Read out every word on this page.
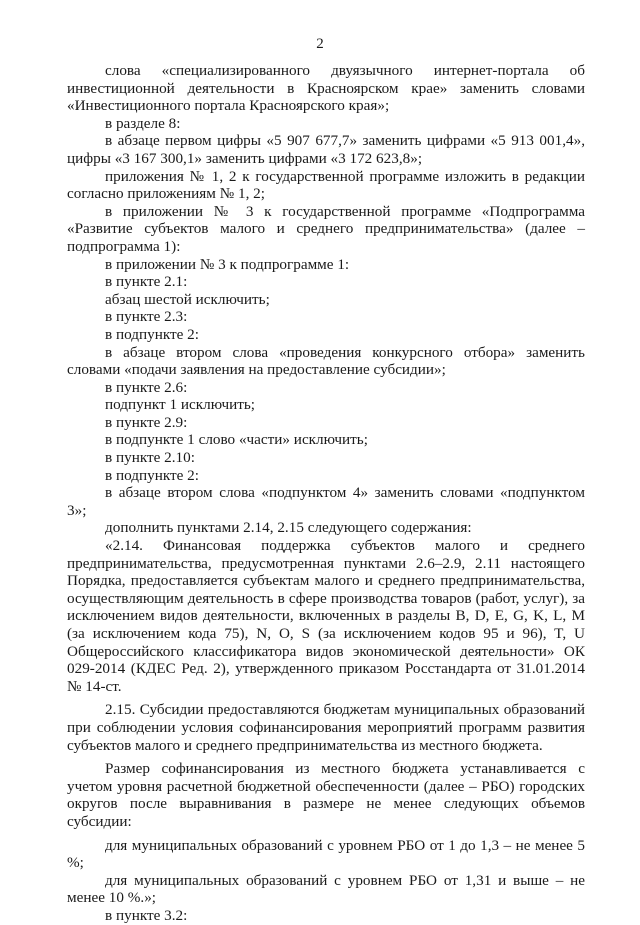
2

слова «специализированного двуязычного интернет-портала об инвестиционной деятельности в Красноярском крае» заменить словами «Инвестиционного портала Красноярского края»;

в разделе 8:

в абзаце первом цифры «5 907 677,7» заменить цифрами «5 913 001,4», цифры «3 167 300,1» заменить цифрами «3 172 623,8»;

приложения № 1, 2 к государственной программе изложить в редакции согласно приложениям № 1, 2;

в приложении № 3 к государственной программе «Подпрограмма «Развитие субъектов малого и среднего предпринимательства» (далее – подпрограмма 1):

в приложении № 3 к подпрограмме 1:

в пункте 2.1:

абзац шестой исключить;

в пункте 2.3:

в подпункте 2:

в абзаце втором слова «проведения конкурсного отбора» заменить словами «подачи заявления на предоставление субсидии»;

в пункте 2.6:

подпункт 1 исключить;

в пункте 2.9:

в подпункте 1 слово «части» исключить;

в пункте 2.10:

в подпункте 2:

в абзаце втором слова «подпунктом 4» заменить словами «подпунктом 3»;

дополнить пунктами 2.14, 2.15 следующего содержания:

«2.14. Финансовая поддержка субъектов малого и среднего предпринимательства, предусмотренная пунктами 2.6–2.9, 2.11 настоящего Порядка, предоставляется субъектам малого и среднего предпринимательства, осуществляющим деятельность в сфере производства товаров (работ, услуг), за исключением видов деятельности, включенных в разделы B, D, E, G, K, L, M (за исключением кода 75), N, O, S (за исключением кодов 95 и 96), T, U Общероссийского классификатора видов экономической деятельности» ОК 029-2014 (КДЕС Ред. 2), утвержденного приказом Росстандарта от 31.01.2014 № 14-ст.

2.15. Субсидии предоставляются бюджетам муниципальных образований при соблюдении условия софинансирования мероприятий программ развития субъектов малого и среднего предпринимательства из местного бюджета.

Размер софинансирования из местного бюджета устанавливается с учетом уровня расчетной бюджетной обеспеченности (далее – РБО) городских округов после выравнивания в размере не менее следующих объемов субсидии:

для муниципальных образований с уровнем РБО от 1 до 1,3 – не менее 5 %;

для муниципальных образований с уровнем РБО от 1,31 и выше – не менее 10 %.»;

в пункте 3.2:
